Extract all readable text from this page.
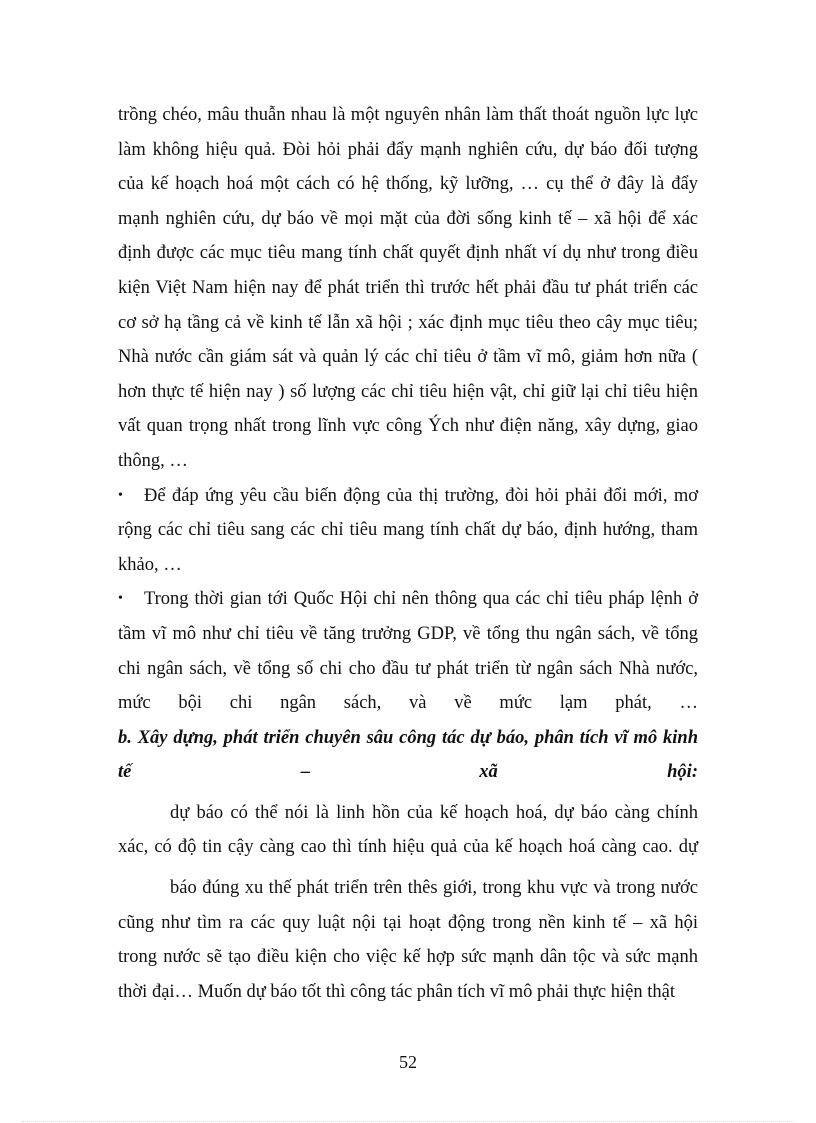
trồng chéo, mâu thuẫn nhau là một nguyên nhân làm thất thoát nguồn lực lực
làm không hiệu quả. Đòi hỏi phải đẩy mạnh nghiên cứu, dự báo đối tượng
của kế hoạch hoá một cách có hệ thống, kỹ lưỡng, … cụ thể ở đây là đẩy
mạnh nghiên cứu, dự báo về mọi mặt của đời sống kinh tế – xã hội để xác
định được các mục tiêu mang tính chất quyết định nhất ví dụ như trong điều
kiện Việt Nam hiện nay để phát triển thì trước hết phải đầu tư phát triển các
cơ sở hạ tầng cả về kinh tế lẫn xã hội ; xác định mục tiêu theo cây mục tiêu;
Nhà nước cần giám sát và quản lý các chỉ tiêu ở tầm vĩ mô, giảm hơn nữa (
hơn thực tế hiện nay ) số lượng các chỉ tiêu hiện vật, chỉ giữ lại chỉ tiêu hiện
vất quan trọng nhất trong lĩnh vực công Ých như điện năng, xây dựng, giao
thông, …
• Để đáp ứng yêu cầu biến động của thị trường, đòi hỏi phải đổi mới, mơ
rộng các chỉ tiêu sang các chỉ tiêu mang tính chất dự báo, định hướng, tham
khảo, …
• Trong thời gian tới Quốc Hội chỉ nên thông qua các chỉ tiêu pháp lệnh ở
tầm vĩ mô như chỉ tiêu về tăng trưởng GDP, về tổng thu ngân sách, về tổng
chi ngân sách, về tổng số chi cho đầu tư phát triển từ ngân sách Nhà nước,
mức bội chi ngân sách, và về mức lạm phát, …
b. Xây dựng, phát triển chuyên sâu công tác dự báo, phân tích vĩ mô kinh
tế – xã hội:
dự báo có thể nói là linh hồn của kế hoạch hoá, dự báo càng chính
xác, có độ tin cậy càng cao thì tính hiệu quả của kế hoạch hoá càng cao. dự
báo đúng xu thế phát triển trên thês giới, trong khu vực và trong nước
cũng như tìm ra các quy luật nội tại hoạt động trong nền kinh tế – xã hội
trong nước sẽ tạo điều kiện cho việc kế hợp sức mạnh dân tộc và sức mạnh
thời đại… Muốn dự báo tốt thì công tác phân tích vĩ mô phải thực hiện thật
52
